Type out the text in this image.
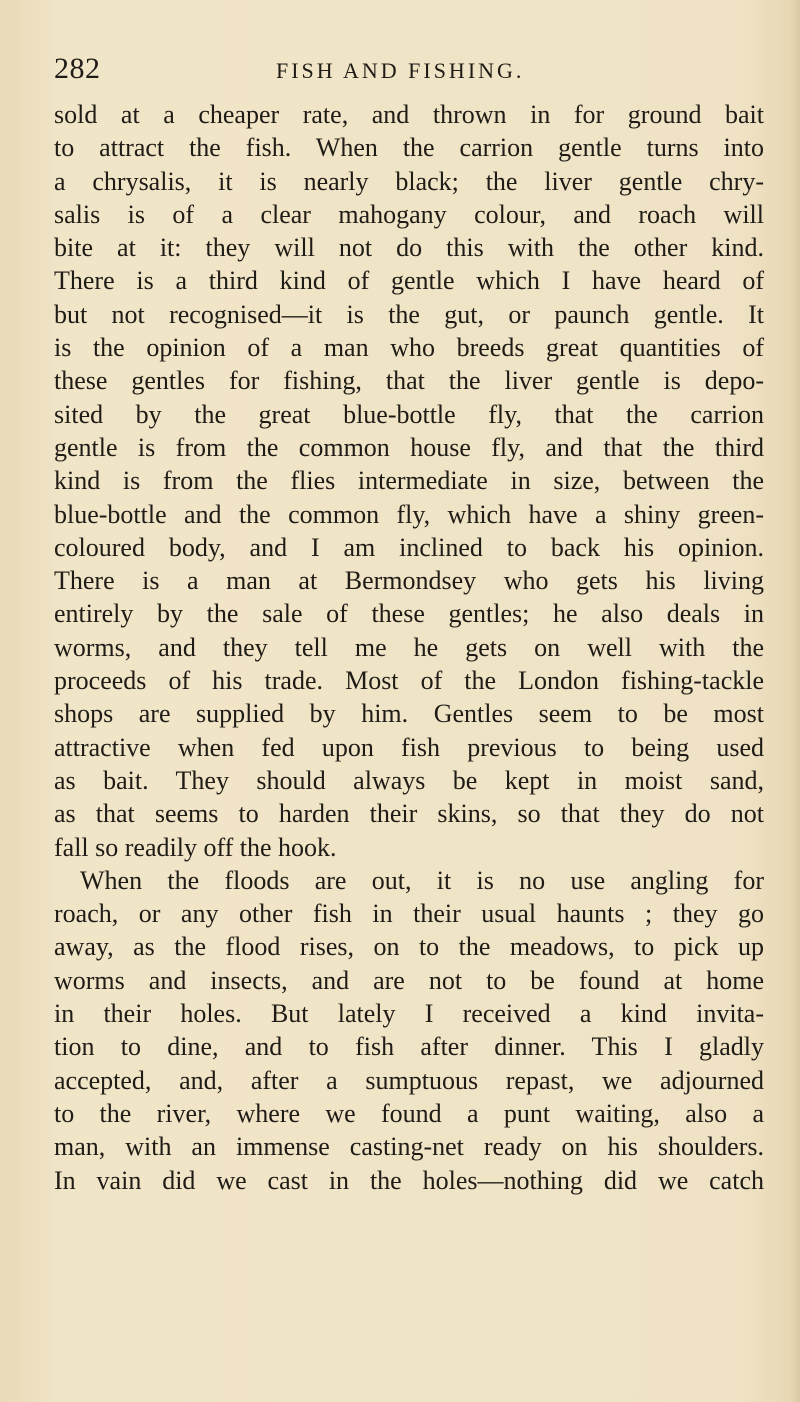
282	FISH AND FISHING.
sold at a cheaper rate, and thrown in for ground bait
to attract the fish. When the carrion gentle turns into
a chrysalis, it is nearly black; the liver gentle chry-
salis is of a clear mahogany colour, and roach will
bite at it: they will not do this with the other kind.
There is a third kind of gentle which I have heard of
but not recognised—it is the gut, or paunch gentle. It
is the opinion of a man who breeds great quantities of
these gentles for fishing, that the liver gentle is depo-
sited by the great blue-bottle fly, that the carrion
gentle is from the common house fly, and that the third
kind is from the flies intermediate in size, between the
blue-bottle and the common fly, which have a shiny green-
coloured body, and I am inclined to back his opinion.
There is a man at Bermondsey who gets his living
entirely by the sale of these gentles; he also deals in
worms, and they tell me he gets on well with the
proceeds of his trade. Most of the London fishing-tackle
shops are supplied by him. Gentles seem to be most
attractive when fed upon fish previous to being used
as bait. They should always be kept in moist sand,
as that seems to harden their skins, so that they do not
fall so readily off the hook.
When the floods are out, it is no use angling for
roach, or any other fish in their usual haunts ; they go
away, as the flood rises, on to the meadows, to pick up
worms and insects, and are not to be found at home
in their holes. But lately I received a kind invita-
tion to dine, and to fish after dinner. This I gladly
accepted, and, after a sumptuous repast, we adjourned
to the river, where we found a punt waiting, also a
man, with an immense casting-net ready on his shoulders.
In vain did we cast in the holes—nothing did we catch
